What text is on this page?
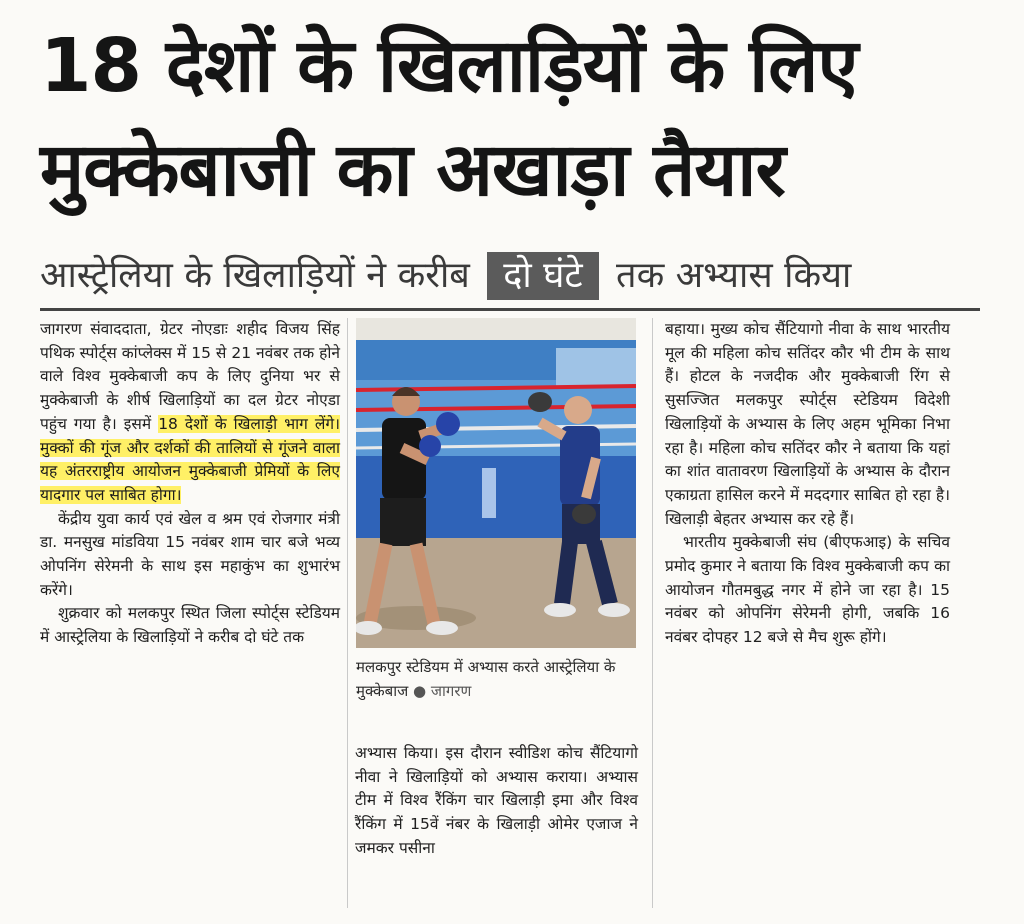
18 देशों के खिलाड़ियों के लिए
मुक्केबाजी का अखाड़ा तैयार
आस्ट्रेलिया के खिलाड़ियों ने करीब दो घंटे तक अभ्यास किया

जागरण संवाददाता, ग्रेटर नोएडाः शहीद विजय सिंह पथिक स्पोर्ट्स कांप्लेक्स में 15 से 21 नवंबर तक होने वाले विश्व मुक्केबाजी कप के लिए दुनिया भर से मुक्केबाजी के शीर्ष खिलाड़ियों का दल ग्रेटर नोएडा पहुंच गया है। इसमें 18 देशों के खिलाड़ी भाग लेंगे। मुक्कों की गूंज और दर्शकों की तालियों से गूंजने वाला यह अंतरराष्ट्रीय आयोजन मुक्केबाजी प्रेमियों के लिए यादगार पल साबित होगा।

केंद्रीय युवा कार्य एवं खेल व श्रम एवं रोजगार मंत्री डा. मनसुख मांडविया 15 नवंबर शाम चार बजे भव्य ओपनिंग सेरेमनी के साथ इस महाकुंभ का शुभारंभ करेंगे।

शुक्रवार को मलकपुर स्थित जिला स्पोर्ट्स स्टेडियम में आस्ट्रेलिया के खिलाड़ियों ने करीब दो घंटे तक

मलकपुर स्टेडियम में अभ्यास करते आस्ट्रेलिया के मुक्केबाज ● जागरण

अभ्यास किया। इस दौरान स्वीडिश कोच सैंटियागो नीवा ने खिलाड़ियों को अभ्यास कराया। अभ्यास टीम में विश्व रैंकिंग चार खिलाड़ी इमा और विश्व रैंकिंग में 15वें नंबर के खिलाड़ी ओमेर एजाज ने जमकर पसीना

बहाया। मुख्य कोच सैंटियागो नीवा के साथ भारतीय मूल की महिला कोच सतिंदर कौर भी टीम के साथ हैं। होटल के नजदीक और मुक्केबाजी रिंग से सुसज्जित मलकपुर स्पोर्ट्स स्टेडियम विदेशी खिलाड़ियों के अभ्यास के लिए अहम भूमिका निभा रहा है। महिला कोच सतिंदर कौर ने बताया कि यहां का शांत वातावरण खिलाड़ियों के अभ्यास के दौरान एकाग्रता हासिल करने में मददगार साबित हो रहा है। खिलाड़ी बेहतर अभ्यास कर रहे हैं।

भारतीय मुक्केबाजी संघ (बीएफआइ) के सचिव प्रमोद कुमार ने बताया कि विश्व मुक्केबाजी कप का आयोजन गौतमबुद्ध नगर में होने जा रहा है। 15 नवंबर को ओपनिंग सेरेमनी होगी, जबकि 16 नवंबर दोपहर 12 बजे से मैच शुरू होंगे।
